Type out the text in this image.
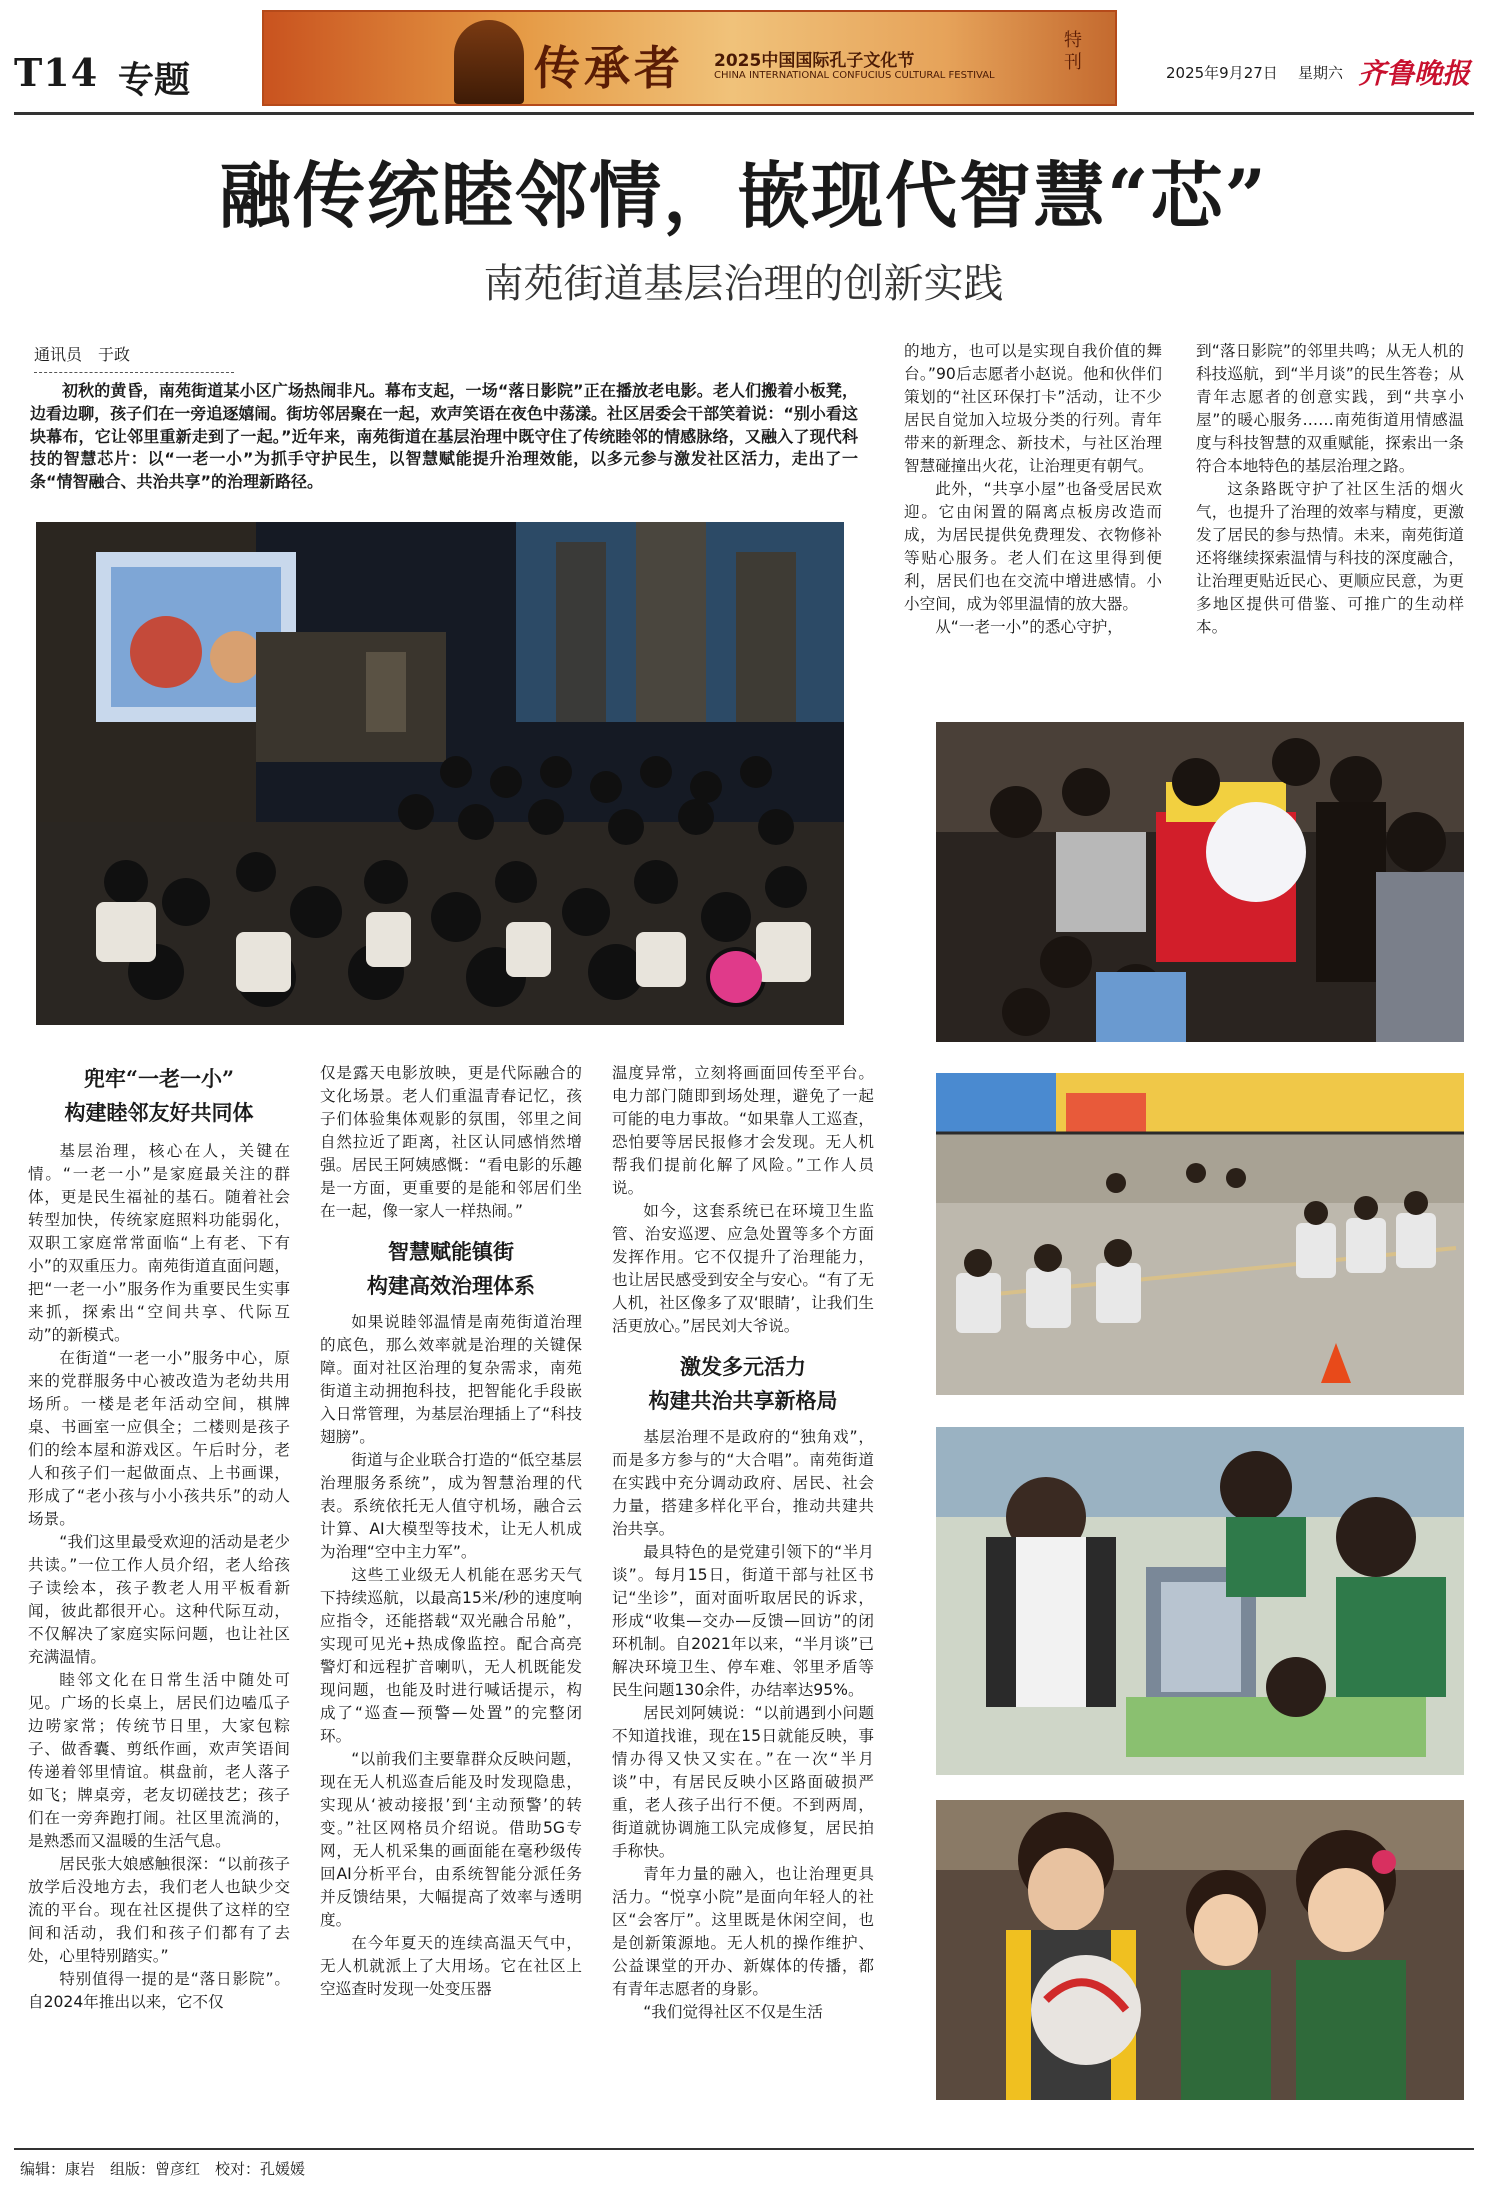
T14 专题	传承者 2025中国国际孔子文化节
CHINA INTERNATIONAL CONFUCIUS CULTURAL FESTIVAL
特刊	2025年9月27日 星期六 齐鲁晚报
融传统睦邻情，嵌现代智慧“芯”
南苑街道基层治理的创新实践
通讯员　于政

初秋的黄昏，南苑街道某小区广场热闹非凡。幕布支起，一场“落日影院”正在播放老电影。老人们搬着小板凳，边看边聊，孩子们在一旁追逐嬉闹。街坊邻居聚在一起，欢声笑语在夜色中荡漾。社区居委会干部笑着说：“别小看这块幕布，它让邻里重新走到了一起。”近年来，南苑街道在基层治理中既守住了传统睦邻的情感脉络，又融入了现代科技的智慧芯片：以“一老一小”为抓手守护民生，以智慧赋能提升治理效能，以多元参与激发社区活力，走出了一条“情智融合、共治共享”的治理新路径。

的地方，也可以是实现自我价值的舞台。”90后志愿者小赵说。他和伙伴们策划的“社区环保打卡”活动，让不少居民自觉加入垃圾分类的行列。青年带来的新理念、新技术，与社区治理智慧碰撞出火花，让治理更有朝气。

此外，“共享小屋”也备受居民欢迎。它由闲置的隔离点板房改造而成，为居民提供免费理发、衣物修补等贴心服务。老人们在这里得到便利，居民们也在交流中增进感情。小小空间，成为邻里温情的放大器。

从“一老一小”的悉心守护，

到“落日影院”的邻里共鸣；从无人机的科技巡航，到“半月谈”的民生答卷；从青年志愿者的创意实践，到“共享小屋”的暖心服务……南苑街道用情感温度与科技智慧的双重赋能，探索出一条符合本地特色的基层治理之路。

这条路既守护了社区生活的烟火气，也提升了治理的效率与精度，更激发了居民的参与热情。未来，南苑街道还将继续探索温情与科技的深度融合，让治理更贴近民心、更顺应民意，为更多地区提供可借鉴、可推广的生动样本。

兜牢“一老一小”
构建睦邻友好共同体

基层治理，核心在人，关键在情。“一老一小”是家庭最关注的群体，更是民生福祉的基石。随着社会转型加快，传统家庭照料功能弱化，双职工家庭常常面临“上有老、下有小”的双重压力。南苑街道直面问题，把“一老一小”服务作为重要民生实事来抓，探索出“空间共享、代际互动”的新模式。

在街道“一老一小”服务中心，原来的党群服务中心被改造为老幼共用场所。一楼是老年活动空间，棋牌桌、书画室一应俱全；二楼则是孩子们的绘本屋和游戏区。午后时分，老人和孩子们一起做面点、上书画课，形成了“老小孩与小小孩共乐”的动人场景。

“我们这里最受欢迎的活动是老少共读。”一位工作人员介绍，老人给孩子读绘本，孩子教老人用平板看新闻，彼此都很开心。这种代际互动，不仅解决了家庭实际问题，也让社区充满温情。

睦邻文化在日常生活中随处可见。广场的长桌上，居民们边嗑瓜子边唠家常；传统节日里，大家包粽子、做香囊、剪纸作画，欢声笑语间传递着邻里情谊。棋盘前，老人落子如飞；牌桌旁，老友切磋技艺；孩子们在一旁奔跑打闹。社区里流淌的，是熟悉而又温暖的生活气息。

居民张大娘感触很深：“以前孩子放学后没地方去，我们老人也缺少交流的平台。现在社区提供了这样的空间和活动，我们和孩子们都有了去处，心里特别踏实。”

特别值得一提的是“落日影院”。自2024年推出以来，它不仅

仅是露天电影放映，更是代际融合的文化场景。老人们重温青春记忆，孩子们体验集体观影的氛围，邻里之间自然拉近了距离，社区认同感悄然增强。居民王阿姨感慨：“看电影的乐趣是一方面，更重要的是能和邻居们坐在一起，像一家人一样热闹。”

智慧赋能镇街
构建高效治理体系

如果说睦邻温情是南苑街道治理的底色，那么效率就是治理的关键保障。面对社区治理的复杂需求，南苑街道主动拥抱科技，把智能化手段嵌入日常管理，为基层治理插上了“科技翅膀”。

街道与企业联合打造的“低空基层治理服务系统”，成为智慧治理的代表。系统依托无人值守机场，融合云计算、AI大模型等技术，让无人机成为治理“空中主力军”。

这些工业级无人机能在恶劣天气下持续巡航，以最高15米/秒的速度响应指令，还能搭载“双光融合吊舱”，实现可见光+热成像监控。配合高亮警灯和远程扩音喇叭，无人机既能发现问题，也能及时进行喊话提示，构成了“巡查—预警—处置”的完整闭环。

“以前我们主要靠群众反映问题，现在无人机巡查后能及时发现隐患，实现从‘被动接报’到‘主动预警’的转变。”社区网格员介绍说。借助5G专网，无人机采集的画面能在毫秒级传回AI分析平台，由系统智能分派任务并反馈结果，大幅提高了效率与透明度。

在今年夏天的连续高温天气中，无人机就派上了大用场。它在社区上空巡查时发现一处变压器

温度异常，立刻将画面回传至平台。电力部门随即到场处理，避免了一起可能的电力事故。“如果靠人工巡查，恐怕要等居民报修才会发现。无人机帮我们提前化解了风险。”工作人员说。

如今，这套系统已在环境卫生监管、治安巡逻、应急处置等多个方面发挥作用。它不仅提升了治理能力，也让居民感受到安全与安心。“有了无人机，社区像多了双‘眼睛’，让我们生活更放心。”居民刘大爷说。

激发多元活力
构建共治共享新格局

基层治理不是政府的“独角戏”，而是多方参与的“大合唱”。南苑街道在实践中充分调动政府、居民、社会力量，搭建多样化平台，推动共建共治共享。

最具特色的是党建引领下的“半月谈”。每月15日，街道干部与社区书记“坐诊”，面对面听取居民的诉求，形成“收集—交办—反馈—回访”的闭环机制。自2021年以来，“半月谈”已解决环境卫生、停车难、邻里矛盾等民生问题130余件，办结率达95%。

居民刘阿姨说：“以前遇到小问题不知道找谁，现在15日就能反映，事情办得又快又实在。”在一次“半月谈”中，有居民反映小区路面破损严重，老人孩子出行不便。不到两周，街道就协调施工队完成修复，居民拍手称快。

青年力量的融入，也让治理更具活力。“悦享小院”是面向年轻人的社区“会客厅”。这里既是休闲空间，也是创新策源地。无人机的操作维护、公益课堂的开办、新媒体的传播，都有青年志愿者的身影。

“我们觉得社区不仅是生活

编辑：康岩　组版：曾彦红　校对：孔媛媛
